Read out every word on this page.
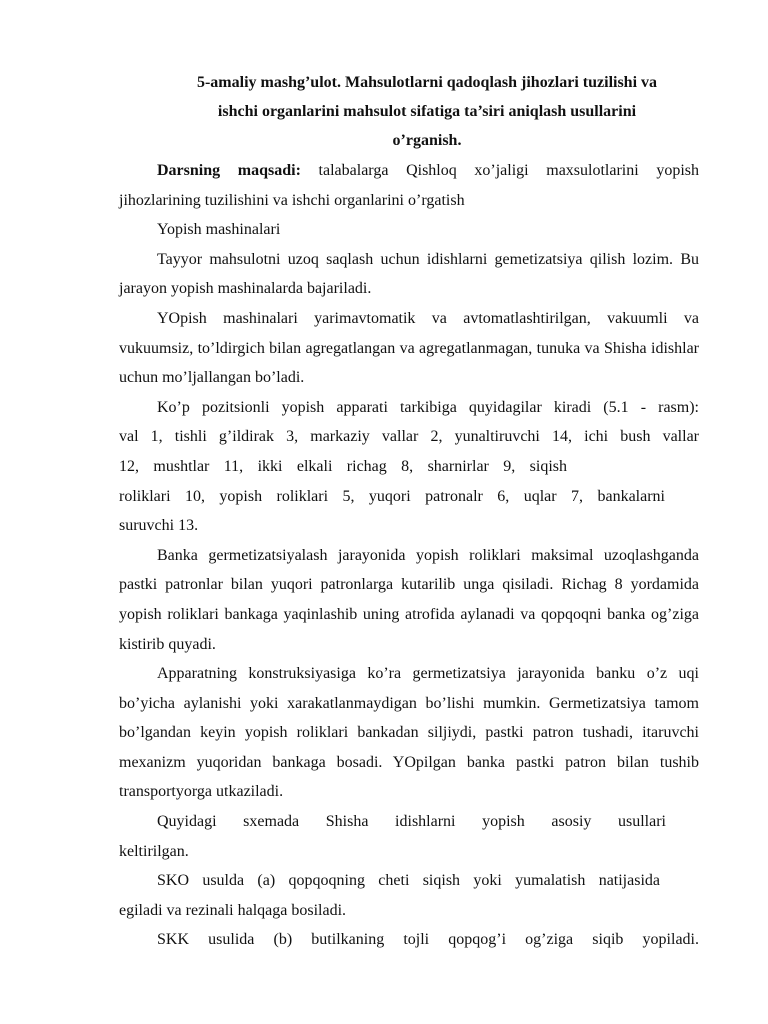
5-amaliy mashg’ulot. Mahsulotlarni qadoqlash jihozlari tuzilishi va
ishchi organlarini mahsulot sifatiga ta’siri aniqlash usullarini
o’rganish.

Darsning maqsadi: talabalarga Qishloq xo’jaligi maxsulotlarini yopish jihozlarining tuzilishini va ishchi organlarini o’rgatish

Yopish mashinalari

Tayyor mahsulotni uzoq saqlash uchun idishlarni gemetizatsiya qilish lozim. Bu jarayon yopish mashinalarda bajariladi.

YOpish mashinalari yarimavtomatik va avtomatlashtirilgan, vakuumli va vukuumsiz, to’ldirgich bilan agregatlangan va agregatlanmagan, tunuka va Shisha idishlar uchun mo’ljallangan bo’ladi.

Ko’p pozitsionli yopish apparati tarkibiga quyidagilar kiradi (5.1 - rasm):
val 1, tishli g’ildirak 3, markaziy vallar 2, yunaltiruvchi 14, ichi bush vallar
12, mushtlar 11, ikki elkali richag 8, sharnirlar 9, siqish
roliklari 10, yopish roliklari 5, yuqori patronalr 6, uqlar 7, bankalarni
suruvchi 13.

Banka germetizatsiyalash jarayonida yopish roliklari maksimal uzoqlashganda pastki patronlar bilan yuqori patronlarga kutarilib unga qisiladi. Richag 8 yordamida yopish roliklari bankaga yaqinlashib uning atrofida aylanadi va qopqoqni banka og’ziga kistirib quyadi.

Apparatning konstruksiyasiga ko’ra germetizatsiya jarayonida banku o’z uqi bo’yicha aylanishi yoki xarakatlanmaydigan bo’lishi mumkin. Germetizatsiya tamom bo’lgandan keyin yopish roliklari bankadan siljiydi, pastki patron tushadi, itaruvchi mexanizm yuqoridan bankaga bosadi. YOpilgan banka pastki patron bilan tushib transportyorga utkaziladi.

Quyidagi sxemada Shisha idishlarni yopish asosiy usullari
keltirilgan.

SKO usulda (a) qopqoqning cheti siqish yoki yumalatish natijasida
egiladi va rezinali halqaga bosiladi.

SKK usulida (b) butilkaning tojli qopqog’i og’ziga siqib yopiladi.
